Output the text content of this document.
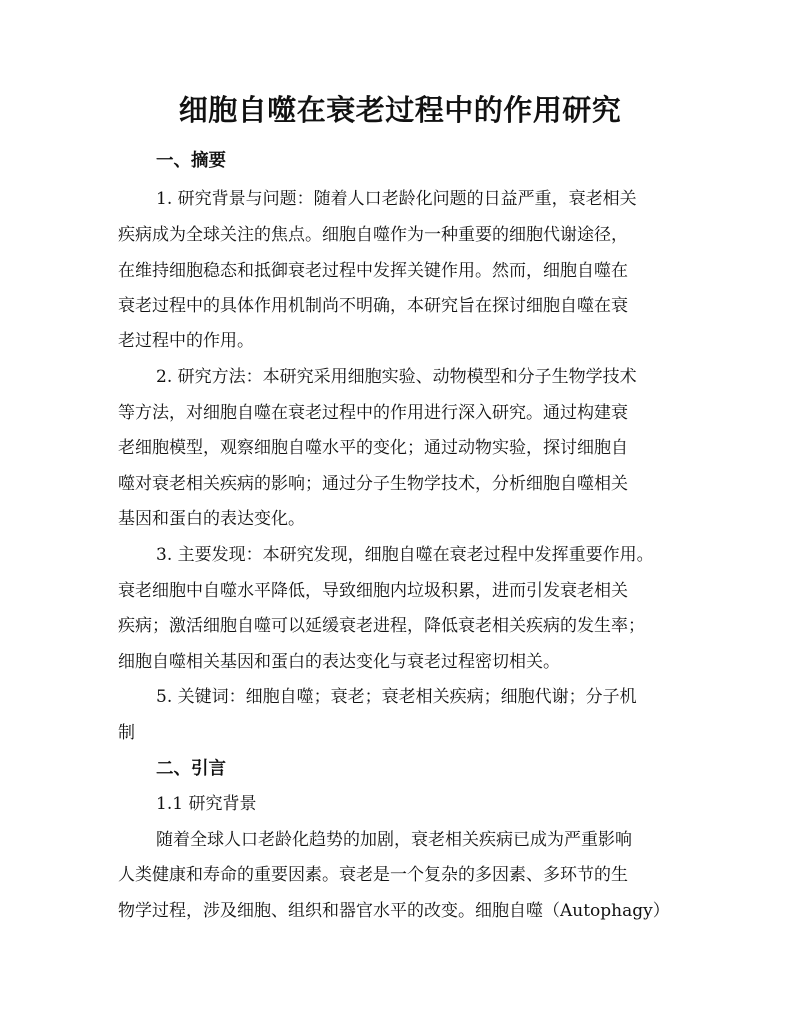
细胞自噬在衰老过程中的作用研究
一、摘要
1. 研究背景与问题：随着人口老龄化问题的日益严重，衰老相关
疾病成为全球关注的焦点。细胞自噬作为一种重要的细胞代谢途径，
在维持细胞稳态和抵御衰老过程中发挥关键作用。然而，细胞自噬在
衰老过程中的具体作用机制尚不明确，本研究旨在探讨细胞自噬在衰
老过程中的作用。
2. 研究方法：本研究采用细胞实验、动物模型和分子生物学技术
等方法，对细胞自噬在衰老过程中的作用进行深入研究。通过构建衰
老细胞模型，观察细胞自噬水平的变化；通过动物实验，探讨细胞自
噬对衰老相关疾病的影响；通过分子生物学技术，分析细胞自噬相关
基因和蛋白的表达变化。
3. 主要发现：本研究发现，细胞自噬在衰老过程中发挥重要作用。
衰老细胞中自噬水平降低，导致细胞内垃圾积累，进而引发衰老相关
疾病；激活细胞自噬可以延缓衰老进程，降低衰老相关疾病的发生率；
细胞自噬相关基因和蛋白的表达变化与衰老过程密切相关。
5. 关键词：细胞自噬；衰老；衰老相关疾病；细胞代谢；分子机
制
二、引言
1.1 研究背景
随着全球人口老龄化趋势的加剧，衰老相关疾病已成为严重影响
人类健康和寿命的重要因素。衰老是一个复杂的多因素、多环节的生
物学过程，涉及细胞、组织和器官水平的改变。细胞自噬（Autophagy）
